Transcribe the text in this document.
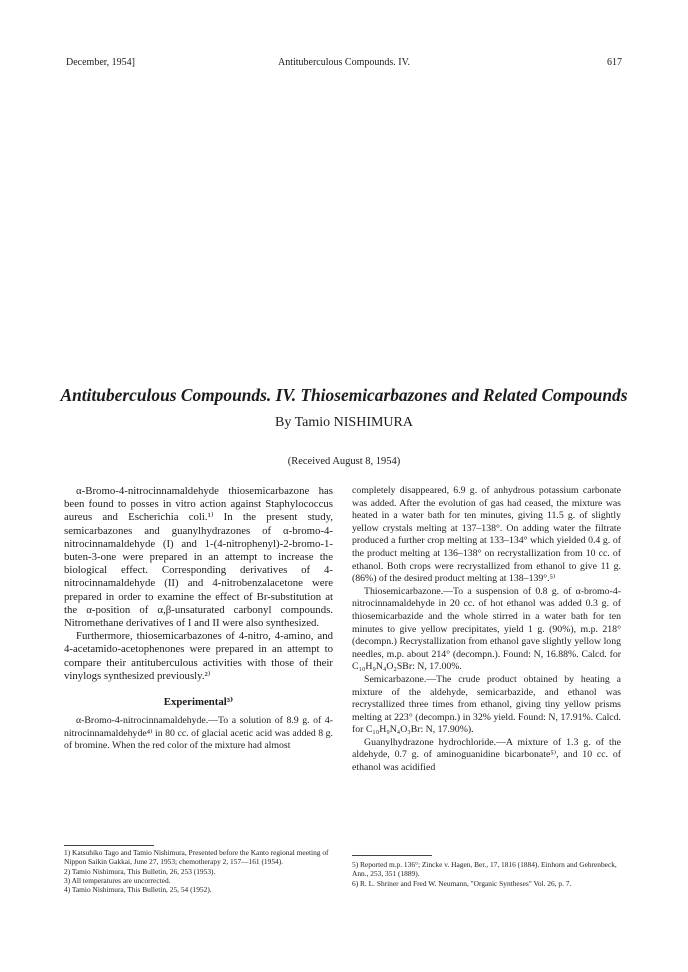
December, 1954]	Antituberculous Compounds. IV.	617
Antituberculous Compounds. IV. Thiosemicarbazones and Related Compounds
By Tamio NISHIMURA
(Received August 8, 1954)

α-Bromo-4-nitrocinnamaldehyde thiosemicarbazone has been found to posses in vitro action against Staphylococcus aureus and Escherichia coli.¹⁾ In the present study, semicarbazones and guanylhydrazones of α-bromo-4-nitrocinnamaldehyde (I) and 1-(4-nitrophenyl)-2-bromo-1-buten-3-one were prepared in an attempt to increase the biological effect. Corresponding derivatives of 4-nitrocinnamaldehyde (II) and 4-nitrobenzalacetone were prepared in order to examine the effect of Br-substitution at the α-position of α,β-unsaturated carbonyl compounds. Nitromethane derivatives of I and II were also synthesized.

Furthermore, thiosemicarbazones of 4-nitro, 4-amino, and 4-acetamido-acetophenones were prepared in an attempt to compare their antituberculous activities with those of their vinylogs synthesized previously.²⁾

Experimental³⁾

α-Bromo-4-nitrocinnamaldehyde.—To a solution of 8.9 g. of 4-nitrocinnamaldehyde⁴⁾ in 80 cc. of glacial acetic acid was added 8 g. of bromine. When the red color of the mixture had almost

completely disappeared, 6.9 g. of anhydrous potassium carbonate was added. After the evolution of gas had ceased, the mixture was heated in a water bath for ten minutes, giving 11.5 g. of slightly yellow crystals melting at 137–138°. On adding water the filtrate produced a further crop melting at 133–134° which yielded 0.4 g. of the product melting at 136–138° on recrystallization from 10 cc. of ethanol. Both crops were recrystallized from ethanol to give 11 g. (86%) of the desired product melting at 138–139°.⁵⁾

Thiosemicarbazone.—To a suspension of 0.8 g. of α-bromo-4-nitrocinnamaldehyde in 20 cc. of hot ethanol was added 0.3 g. of thiosemicarbazide and the whole stirred in a water bath for ten minutes to give yellow precipitates, yield 1 g. (90%), m.p. 218° (decompn.) Recrystallization from ethanol gave slightly yellow long needles, m.p. about 214° (decompn.). Found: N, 16.88%. Calcd. for C₁₀H₉N₄O₂SBr: N, 17.00%.

Semicarbazone.—The crude product obtained by heating a mixture of the aldehyde, semicarbazide, and ethanol was recrystallized three times from ethanol, giving tiny yellow prisms melting at 223° (decompn.) in 32% yield. Found: N, 17.91%. Calcd. for C₁₀H₉N₄O₃Br: N, 17.90%).

Guanylhydrazone hydrochloride.—A mixture of 1.3 g. of the aldehyde, 0.7 g. of aminoguanidine bicarbonate⁵⁾, and 10 cc. of ethanol was acidified

1) Katsuhiko Tago and Tamio Nishimura, Presented before the Kanto regional meeting of Nippon Saikin Gakkai, June 27, 1953; chemotherapy 2, 157—161 (1954).
2) Tamio Nishimura, This Bulletin, 26, 253 (1953).
3) All temperatures are uncorrected.
4) Tamio Nishimura, This Bulletin, 25, 54 (1952).

5) Reported m.p. 136°; Zincke v. Hagen, Ber., 17, 1816 (1884). Einhorn and Gehrenbeck, Ann., 253, 351 (1889).
6) R. L. Shriner and Fred W. Neumann, "Organic Syntheses" Vol. 26, p. 7.
